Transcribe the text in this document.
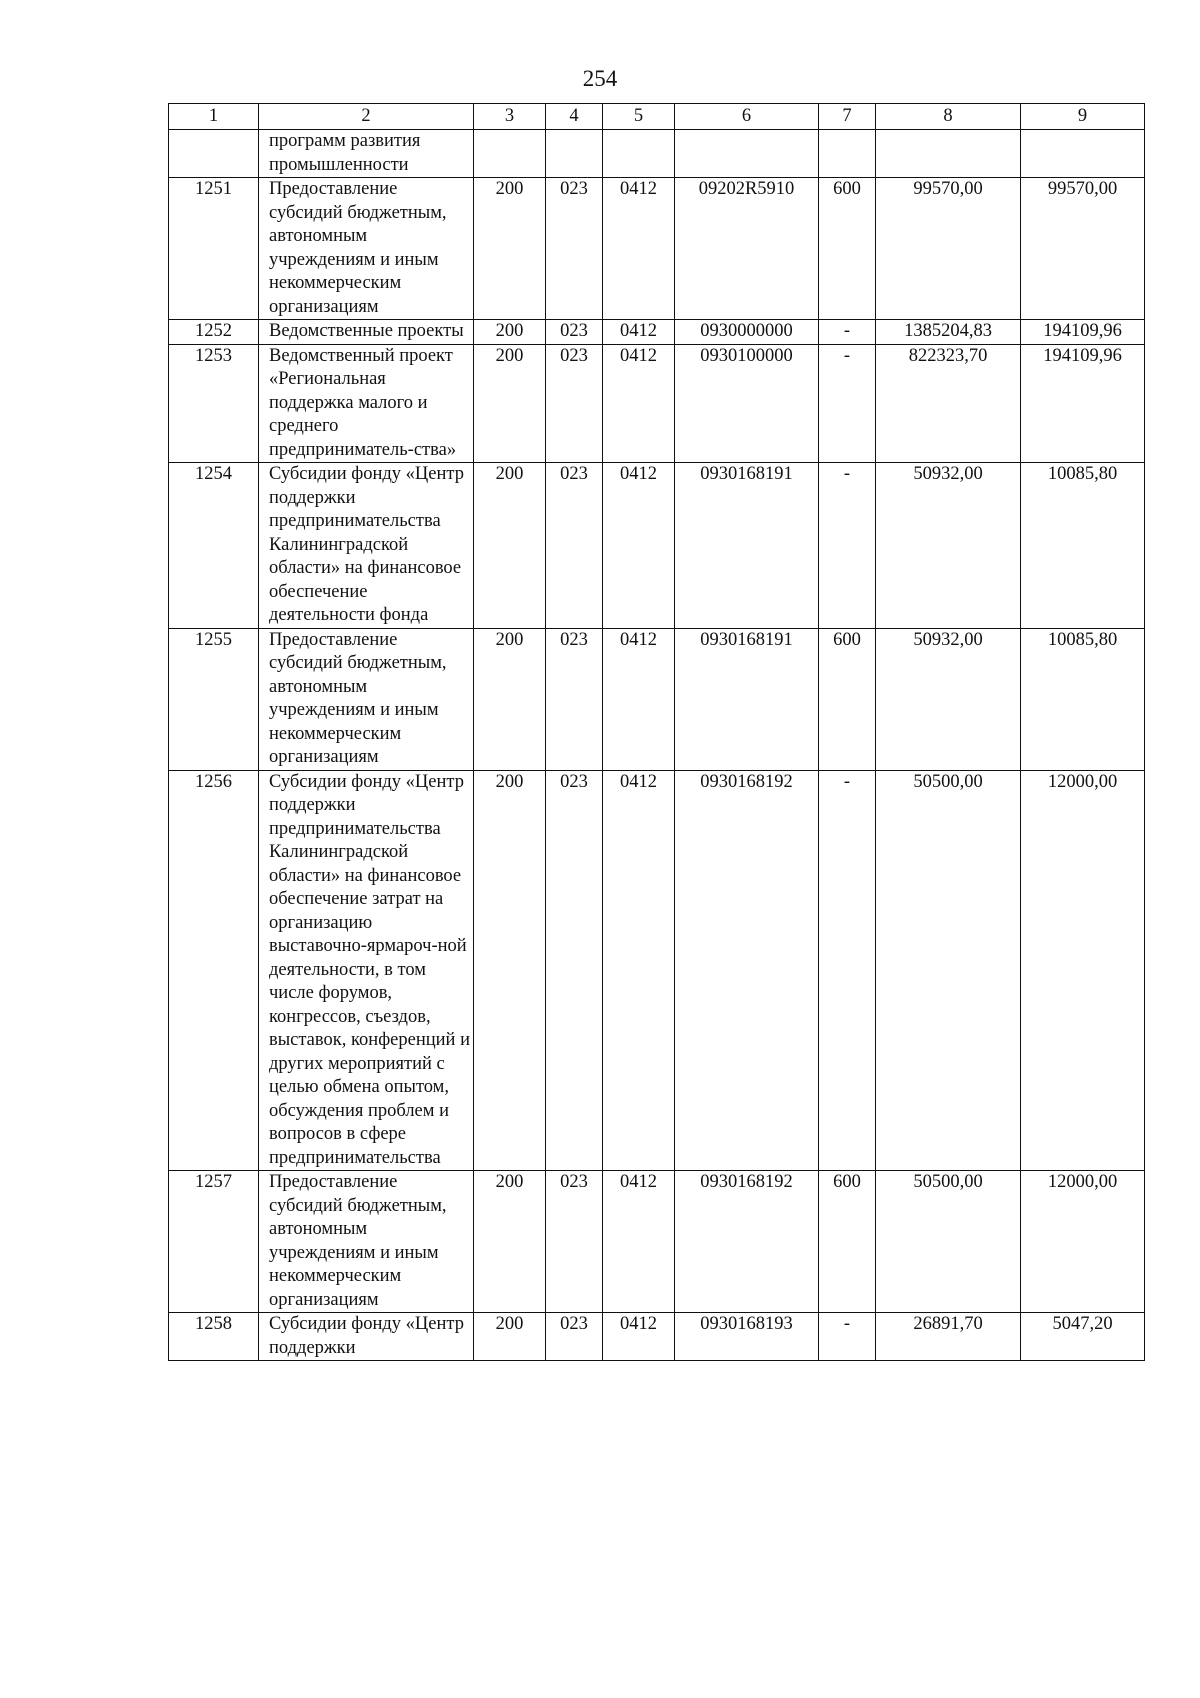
254
1	2	3	4	5	6	7	8	9
	программ развития промышленности							
1251	Предоставление субсидий бюджетным, автономным учреждениям и иным некоммерческим организациям	200	023	0412	09202R5910	600	99570,00	99570,00
1252	Ведомственные проекты	200	023	0412	0930000000	-	1385204,83	194109,96
1253	Ведомственный проект «Региональная поддержка малого и среднего предприниматель-ства»	200	023	0412	0930100000	-	822323,70	194109,96
1254	Субсидии фонду «Центр поддержки предпринимательства Калининградской области» на финансовое обеспечение деятельности фонда	200	023	0412	0930168191	-	50932,00	10085,80
1255	Предоставление субсидий бюджетным, автономным учреждениям и иным некоммерческим организациям	200	023	0412	0930168191	600	50932,00	10085,80
1256	Субсидии фонду «Центр поддержки предпринимательства Калининградской области» на финансовое обеспечение затрат на организацию выставочно-ярмароч-ной деятельности, в том числе форумов, конгрессов, съездов, выставок, конференций и других мероприятий с целью обмена опытом, обсуждения проблем и вопросов в сфере предпринимательства	200	023	0412	0930168192	-	50500,00	12000,00
1257	Предоставление субсидий бюджетным, автономным учреждениям и иным некоммерческим организациям	200	023	0412	0930168192	600	50500,00	12000,00
1258	Субсидии фонду «Центр поддержки	200	023	0412	0930168193	-	26891,70	5047,20
